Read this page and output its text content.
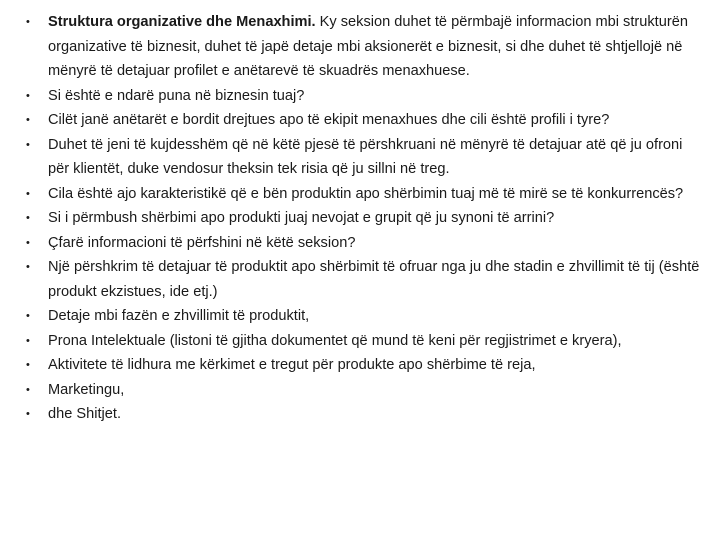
•	Struktura organizative dhe Menaxhimi. Ky seksion duhet të përmbajë informacion mbi strukturën organizative të biznesit, duhet të japë detaje mbi aksionerët e biznesit, si dhe duhet të shtjellojë në mënyrë të detajuar profilet e anëtarevë të skuadrës menaxhuese.
•	Si është e ndarë puna në biznesin tuaj?
•	Cilët janë anëtarët e bordit drejtues apo të ekipit menaxhues dhe cili është profili i tyre?
•	Duhet të jeni të kujdesshëm që në këtë pjesë të përshkruani në mënyrë të detajuar atë që ju ofroni për klientët, duke vendosur theksin tek risia që ju sillni në treg.
•	Cila është ajo karakteristikë që e bën produktin apo shërbimin tuaj më të mirë se të konkurrencës?
•	Si i përmbush shërbimi apo produkti juaj nevojat e grupit që ju synoni të arrini?
•	Çfarë informacioni të përfshini në këtë seksion?
•	Një përshkrim të detajuar të produktit apo shërbimit të ofruar nga ju dhe stadin e zhvillimit të tij (është produkt ekzistues, ide etj.)
•	Detaje mbi fazën e zhvillimit të produktit,
•	Prona Intelektuale (listoni të gjitha dokumentet që mund të keni për regjistrimet e kryera),
•	Aktivitete të lidhura me kërkimet e tregut për produkte apo shërbime të reja,
•	Marketingu,
•	dhe Shitjet.
